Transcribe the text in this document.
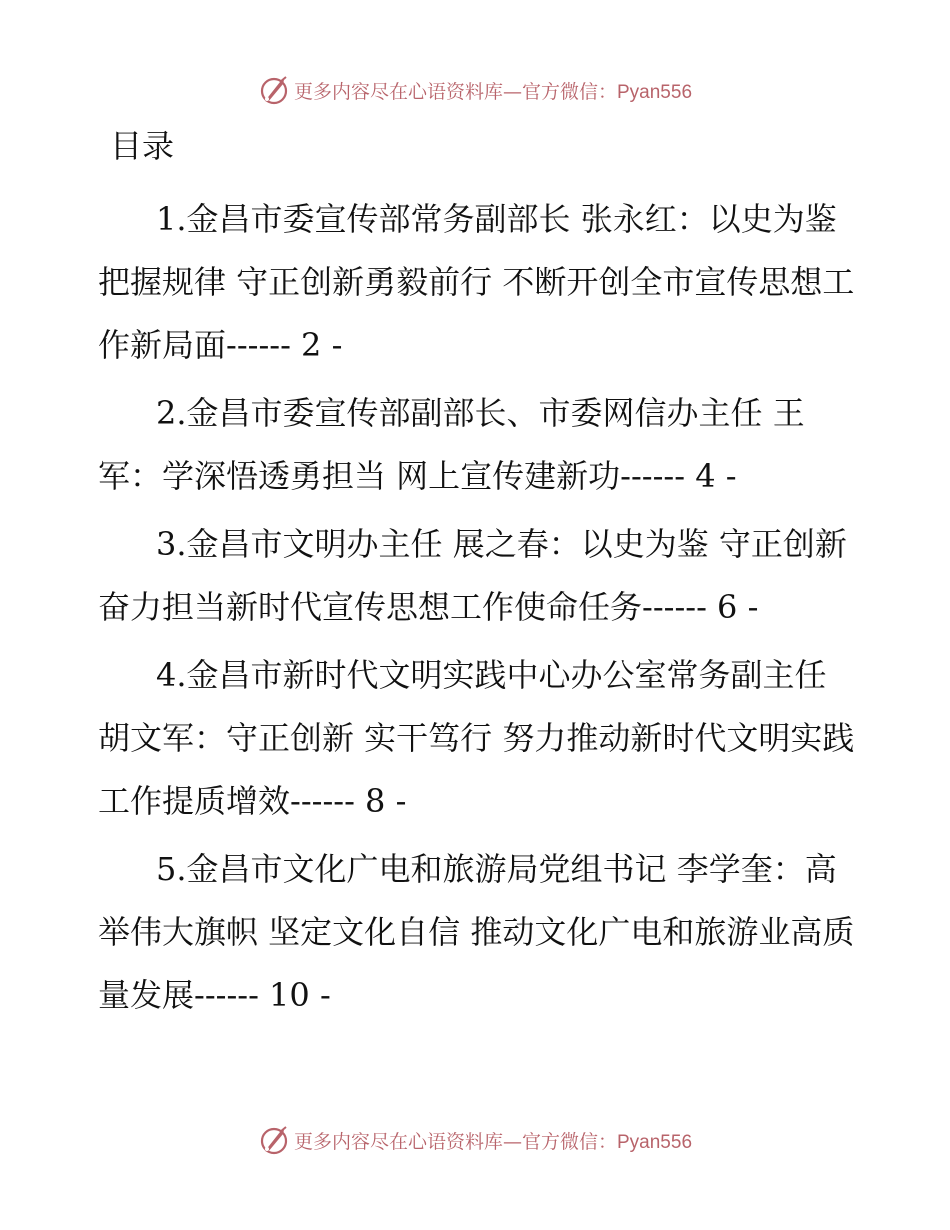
更多内容尽在心语资料库—官方微信：Pyan556
目录
1.金昌市委宣传部常务副部长 张永红：以史为鉴把握规律 守正创新勇毅前行 不断开创全市宣传思想工作新局面------ 2 -
2.金昌市委宣传部副部长、市委网信办主任 王军：学深悟透勇担当 网上宣传建新功------ 4 -
3.金昌市文明办主任 展之春：以史为鉴 守正创新 奋力担当新时代宣传思想工作使命任务------ 6 -
4.金昌市新时代文明实践中心办公室常务副主任 胡文军：守正创新 实干笃行 努力推动新时代文明实践工作提质增效------ 8 -
5.金昌市文化广电和旅游局党组书记 李学奎：高举伟大旗帜 坚定文化自信 推动文化广电和旅游业高质量发展------ 10 -
更多内容尽在心语资料库—官方微信：Pyan556
